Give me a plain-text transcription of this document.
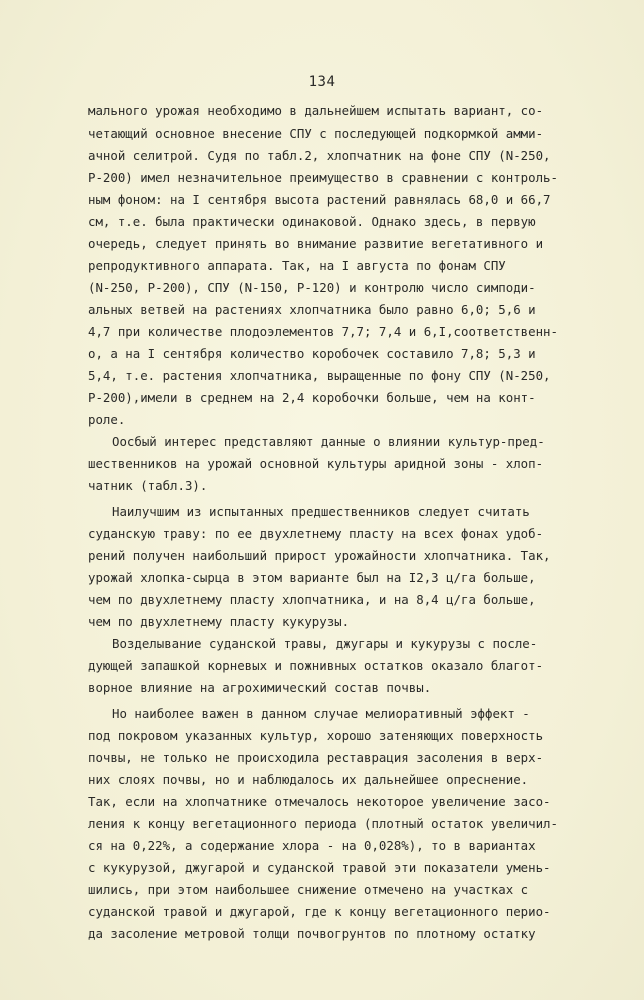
134

мального урожая необходимо в дальнейшем испытать вариант, со-

четающий основное внесение СПУ с последующей подкормкой амми-

ачной селитрой. Судя по табл.2, хлопчатник на фоне СПУ (N-250,

Р-200) имел незначительное преимущество в сравнении с контроль-

ным фоном: на I сентября высота растений равнялась 68,0 и 66,7

см, т.е. была практически одинаковой. Однако здесь, в первую

очередь, следует принять во внимание развитие вегетативного и

репродуктивного аппарата. Так, на I августа по фонам СПУ

(N-250, Р-200), СПУ (N-150, Р-120) и контролю число симподи-

альных ветвей на растениях хлопчатника было равно 6,0; 5,6 и

4,7 при количестве плодоэлементов 7,7; 7,4 и 6,I,соответственн-

о, а на I сентября количество коробочек составило 7,8; 5,3 и

5,4, т.е. растения хлопчатника, выращенные по фону СПУ (N-250,

Р-200),имели в среднем на 2,4 коробочки больше, чем на конт-

роле.

Оосбый интерес представляют данные о влиянии культур-пред-

шественников на урожай основной культуры аридной зоны - хлоп-

чатник (табл.3).

Наилучшим из испытанных предшественников следует считать

суданскую траву: по ее двухлетнему пласту на всех фонах удоб-

рений получен наибольший прирост урожайности хлопчатника. Так,

урожай хлопка-сырца в этом варианте был на I2,3 ц/га больше,

чем по двухлетнему пласту хлопчатника, и на 8,4 ц/га больше,

чем по двухлетнему пласту кукурузы.

Возделывание суданской травы, джугары и кукурузы с после-

дующей запашкой корневых и пожнивных остатков оказало благот-

ворное влияние на агрохимический состав почвы.

Но наиболее важен в данном случае мелиоративный эффект -

под покровом указанных культур, хорошо затеняющих поверхность

почвы, не только не происходила реставрация засоления в верх-

них слоях почвы, но и наблюдалось их дальнейшее опреснение.

Так, если на хлопчатнике отмечалось некоторое увеличение засо-

ления к концу вегетационного периода (плотный остаток увеличил-

ся на 0,22%, а содержание хлора - на 0,028%), то в вариантах

с кукурузой, джугарой и суданской травой эти показатели умень-

шились, при этом наибольшее снижение отмечено на участках с

суданской травой и джугарой, где к концу вегетационного перио-

да засоление метровой толщи почвогрунтов по плотному остатку
